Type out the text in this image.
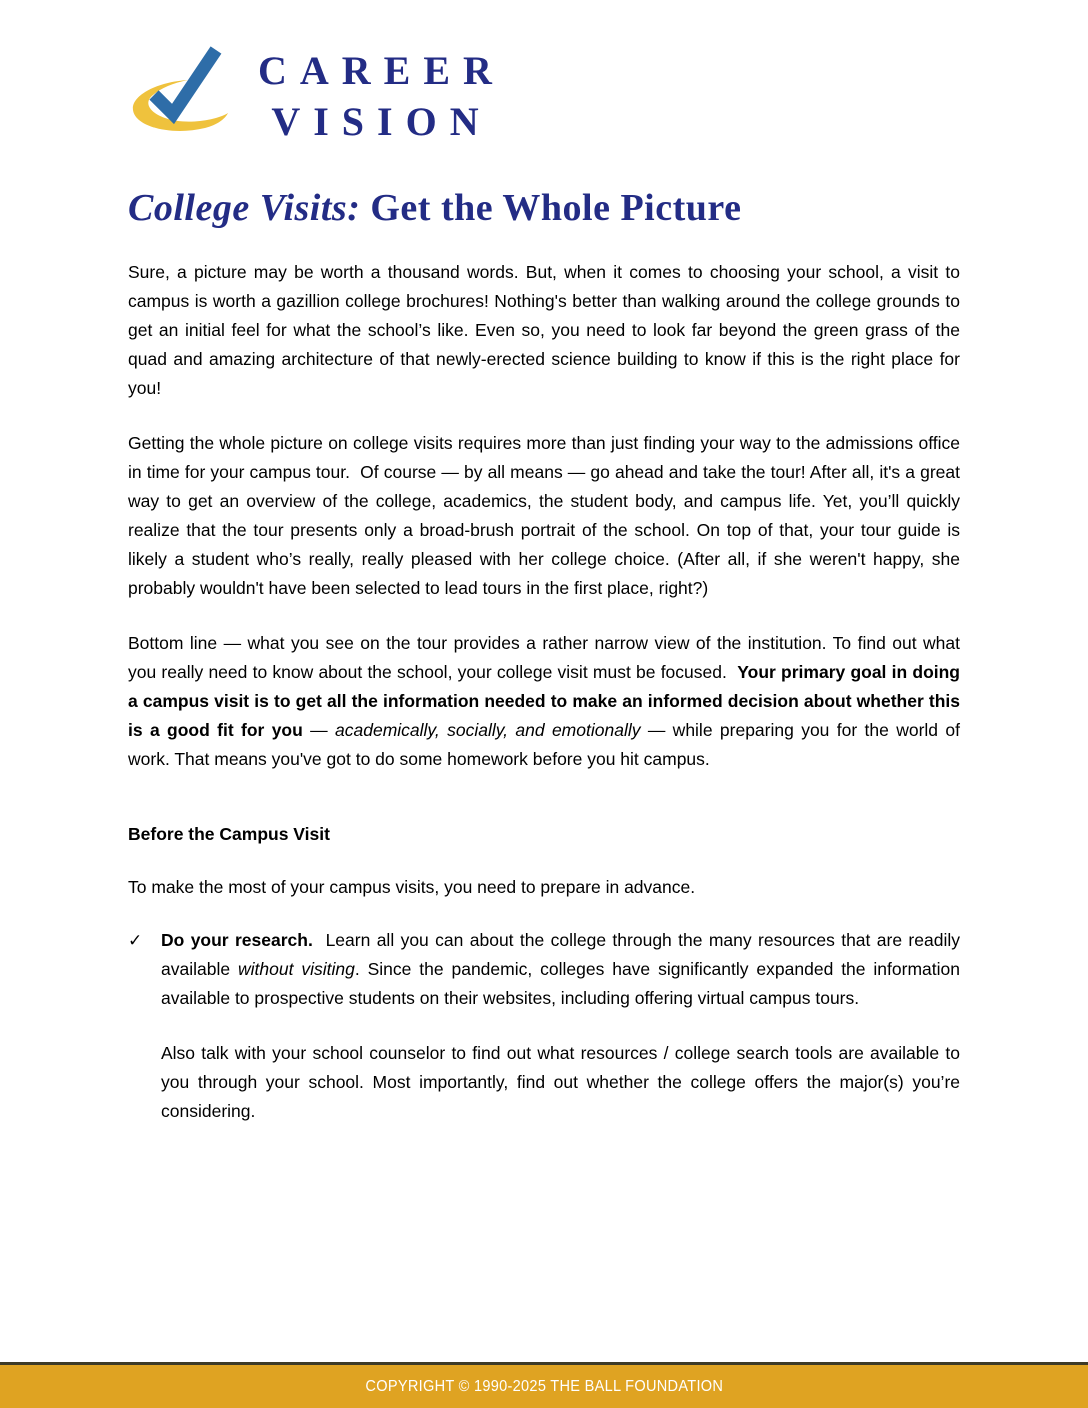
CAREER
VISION
College Visits: Get the Whole Picture

Sure, a picture may be worth a thousand words. But, when it comes to choosing your school, a visit to campus is worth a gazillion college brochures! Nothing's better than walking around the college grounds to get an initial feel for what the school’s like. Even so, you need to look far beyond the green grass of the quad and amazing architecture of that newly-erected science building to know if this is the right place for you!

Getting the whole picture on college visits requires more than just finding your way to the admissions office in time for your campus tour.  Of course — by all means — go ahead and take the tour! After all, it's a great way to get an overview of the college, academics, the student body, and campus life. Yet, you’ll quickly realize that the tour presents only a broad-brush portrait of the school. On top of that, your tour guide is likely a student who’s really, really pleased with her college choice. (After all, if she weren't happy, she probably wouldn't have been selected to lead tours in the first place, right?)

Bottom line — what you see on the tour provides a rather narrow view of the institution. To find out what you really need to know about the school, your college visit must be focused.  Your primary goal in doing a campus visit is to get all the information needed to make an informed decision about whether this is a good fit for you — academically, socially, and emotionally — while preparing you for the world of work. That means you've got to do some homework before you hit campus.

Before the Campus Visit

To make the most of your campus visits, you need to prepare in advance.

✓	Do your research.  Learn all you can about the college through the many resources that are readily available without visiting. Since the pandemic, colleges have significantly expanded the information available to prospective students on their websites, including offering virtual campus tours.

Also talk with your school counselor to find out what resources / college search tools are available to you through your school. Most importantly, find out whether the college offers the major(s) you’re considering.

COPYRIGHT © 1990-2025 THE BALL FOUNDATION
